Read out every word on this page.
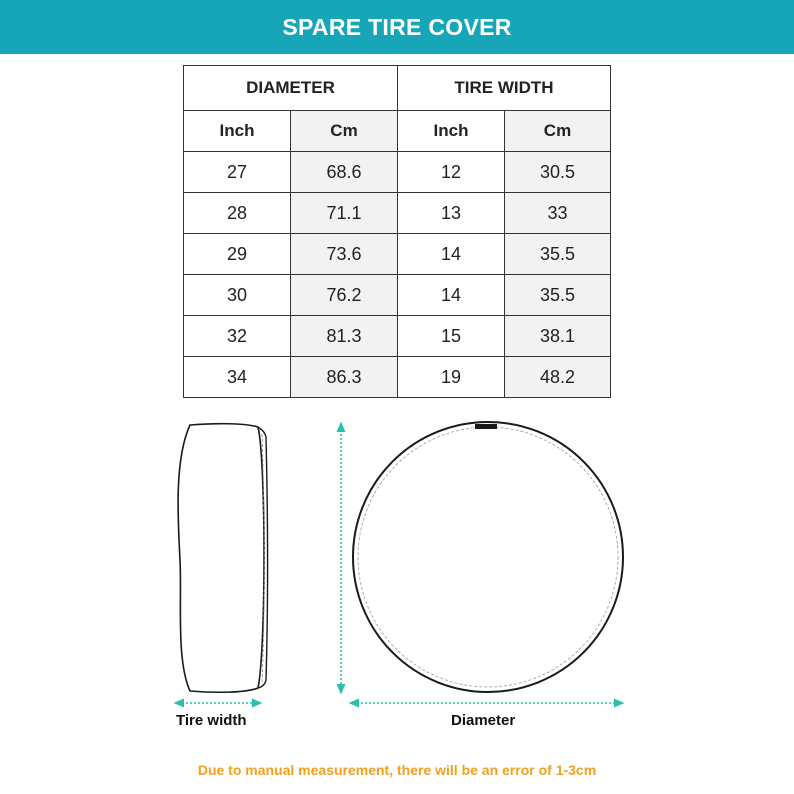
SPARE TIRE COVER
DIAMETER		TIRE WIDTH	
Inch	Cm	Inch	Cm
27	68.6	12	30.5
28	71.1	13	33
29	73.6	14	35.5
30	76.2	14	35.5
32	81.3	15	38.1
34	86.3	19	48.2
Tire width	Diameter
Due to manual measurement, there will be an error of 1-3cm
